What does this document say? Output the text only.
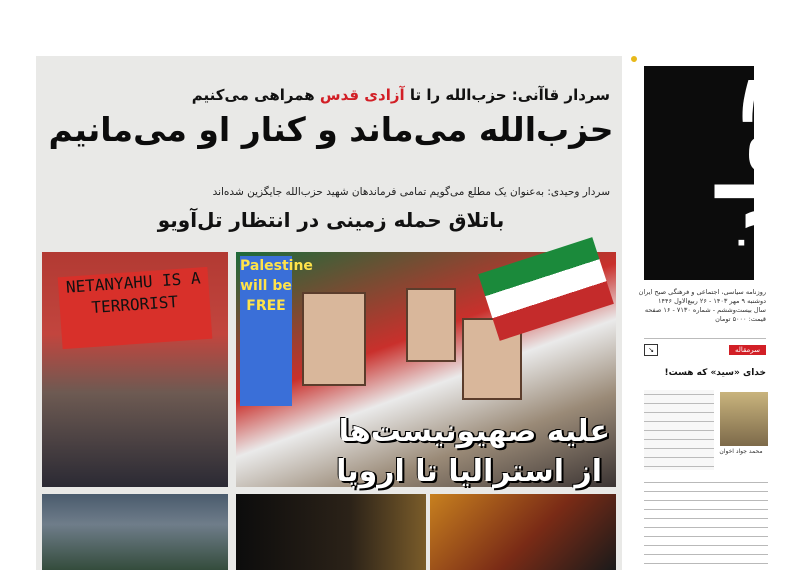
سردار قاآنی: حزب‌الله را تا آزادی قدس همراهی می‌کنیم
حزب‌الله می‌ماند و کنار او می‌مانیم
سردار وحیدی: به‌عنوان یک مطلع می‌گویم تمامی فرماندهان شهید حزب‌الله جایگزین شده‌اند
باتلاق حمله زمینی در انتظار تل‌آویو
NETANYAHU IS A TERRORIST
Palestine will be FREE
علیه صهیونیست‌ها
از استرالیا تا اروپا
جوان
روزنامه سیاسی، اجتماعی و فرهنگی صبح ایران
دوشنبه ۹ مهر ۱۴۰۳ - ۲۶ ربیع‌الاول ۱۴۴۶
سال بیست‌وششم - شماره ۷۱۳۰ - ۱۶ صفحه
قیمت: ۵۰۰۰ تومان
↘	سرمقاله
خدای «سید» که هست!
محمد جواد اخوان
